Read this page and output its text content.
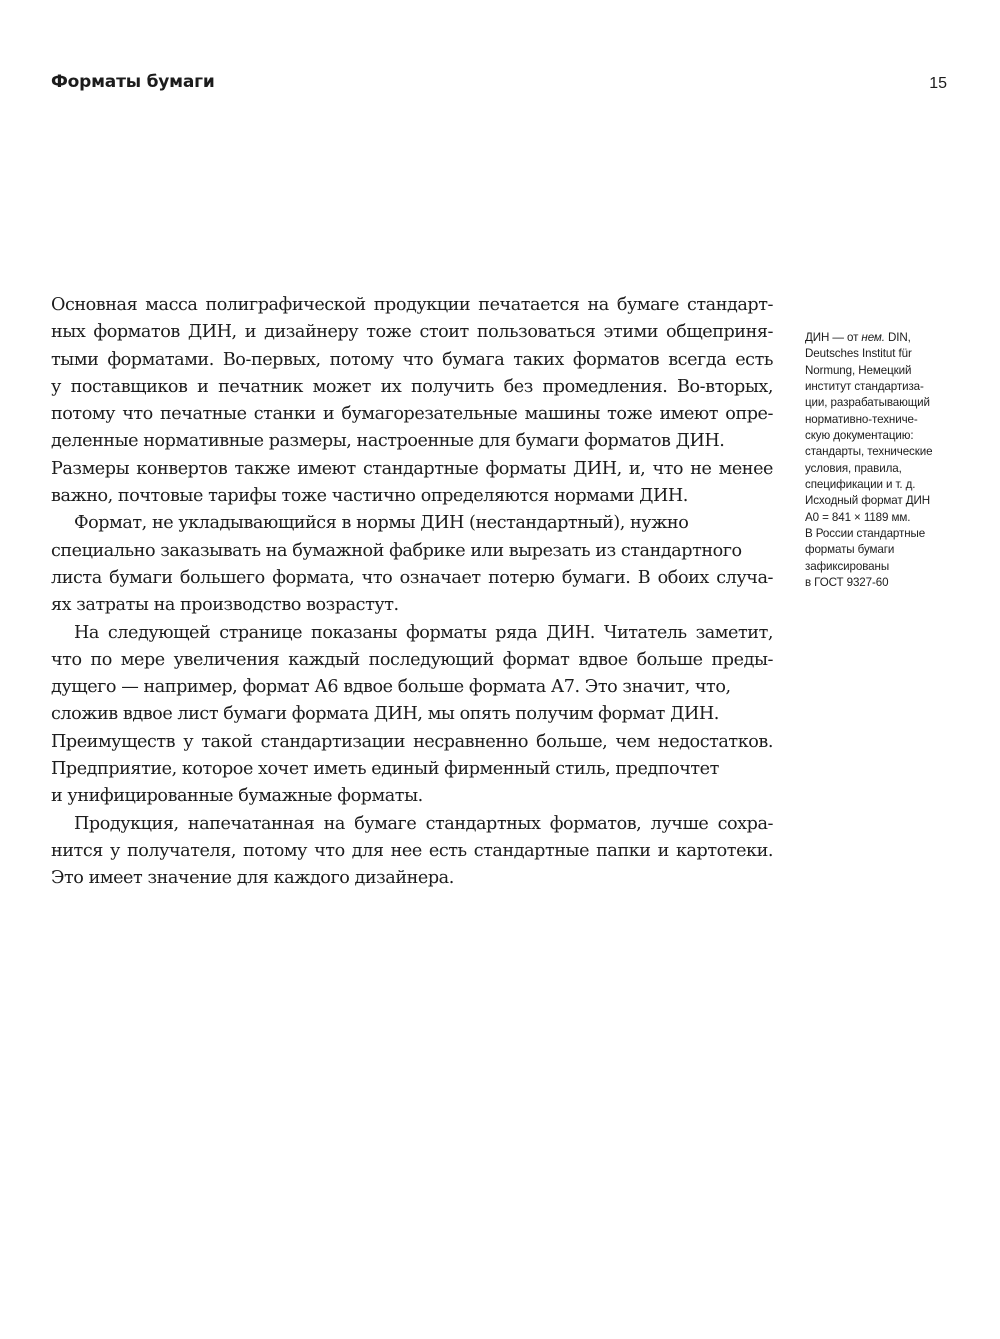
Форматы бумаги	15

Основная масса полиграфической продукции печатается на бумаге стандарт-

ных форматов ДИН, и дизайнеру тоже стоит пользоваться этими общеприня-

тыми форматами. Во-первых, потому что бумага таких форматов всегда есть

у поставщиков и печатник может их получить без промедления. Во-вторых,

потому что печатные станки и бумагорезательные машины тоже имеют опре-

деленные нормативные размеры, настроенные для бумаги форматов ДИН.

Размеры конвертов также имеют стандартные форматы ДИН, и, что не менее

важно, почтовые тарифы тоже частично определяются нормами ДИН.

Формат, не укладывающийся в нормы ДИН (нестандартный), нужно

специально заказывать на бумажной фабрике или вырезать из стандартного

листа бумаги большего формата, что означает потерю бумаги. В обоих случа-

ях затраты на производство возрастут.

На следующей странице показаны форматы ряда ДИН. Читатель заметит,

что по мере увеличения каждый последующий формат вдвое больше преды-

дущего — например, формат А6 вдвое больше формата А7. Это значит, что,

сложив вдвое лист бумаги формата ДИН, мы опять получим формат ДИН.

Преимуществ у такой стандартизации несравненно больше, чем недостатков.

Предприятие, которое хочет иметь единый фирменный стиль, предпочтет

и унифицированные бумажные форматы.

Продукция, напечатанная на бумаге стандартных форматов, лучше сохра-

нится у получателя, потому что для нее есть стандартные папки и картотеки.

Это имеет значение для каждого дизайнера.

ДИН — от нем. DIN,
Deutsches Institut für
Normung, Немецкий
институт стандартиза-
ции, разрабатывающий
нормативно-техниче-
скую документацию:
стандарты, технические
условия, правила,
спецификации и т. д.
Исходный формат ДИН
А0 = 841 × 1189 мм.
В России стандартные
форматы бумаги
зафиксированы
в ГОСТ 9327-60
